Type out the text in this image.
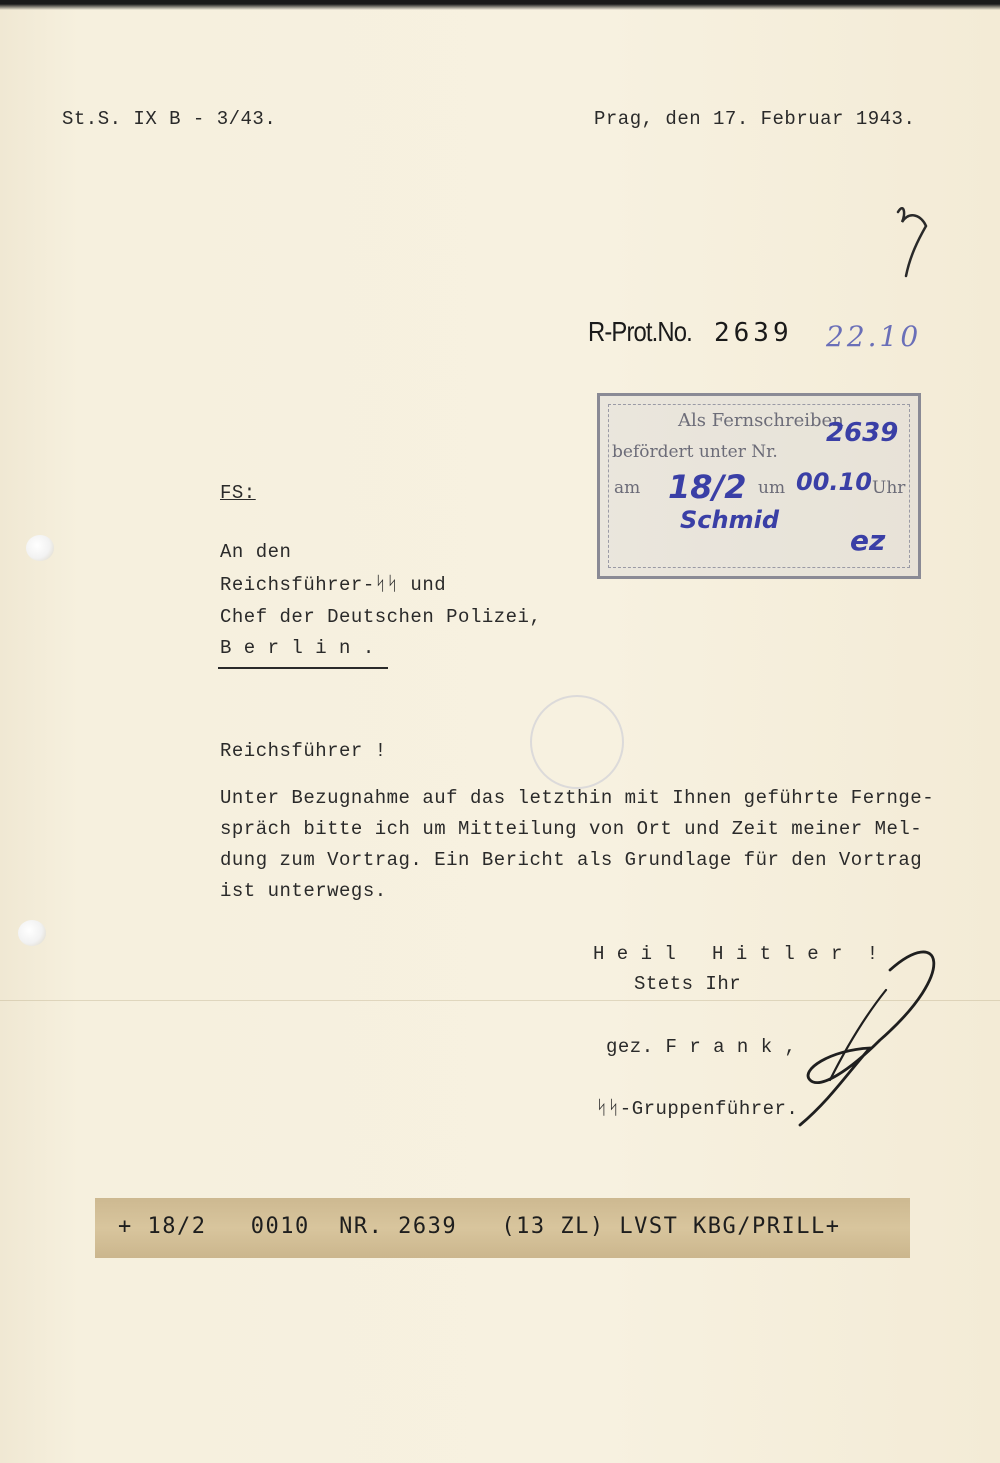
St.S. IX B - 3/43.	Prag, den 17. Februar 1943.
R-Prot.No. 2639 22.10
Als Fernschreiben
befördert unter Nr.
am	um	Uhr
2639
18/2 00.10
Schmid
ez
FS:
An den
Reichsführer-ᛋᛋ und
Chef der Deutschen Polizei,
B e r l i n .
Reichsführer !
Unter Bezugnahme auf das letzthin mit Ihnen geführte Fernge-
spräch bitte ich um Mitteilung von Ort und Zeit meiner Mel-
dung zum Vortrag. Ein Bericht als Grundlage für den Vortrag
ist unterwegs.
H e i l   H i t l e r  !
Stets Ihr
gez. F r a n k ,
ᛋᛋ-Gruppenführer.
+ 18/2   0010  NR. 2639   (13 ZL) LVST KBG/PRILL+
